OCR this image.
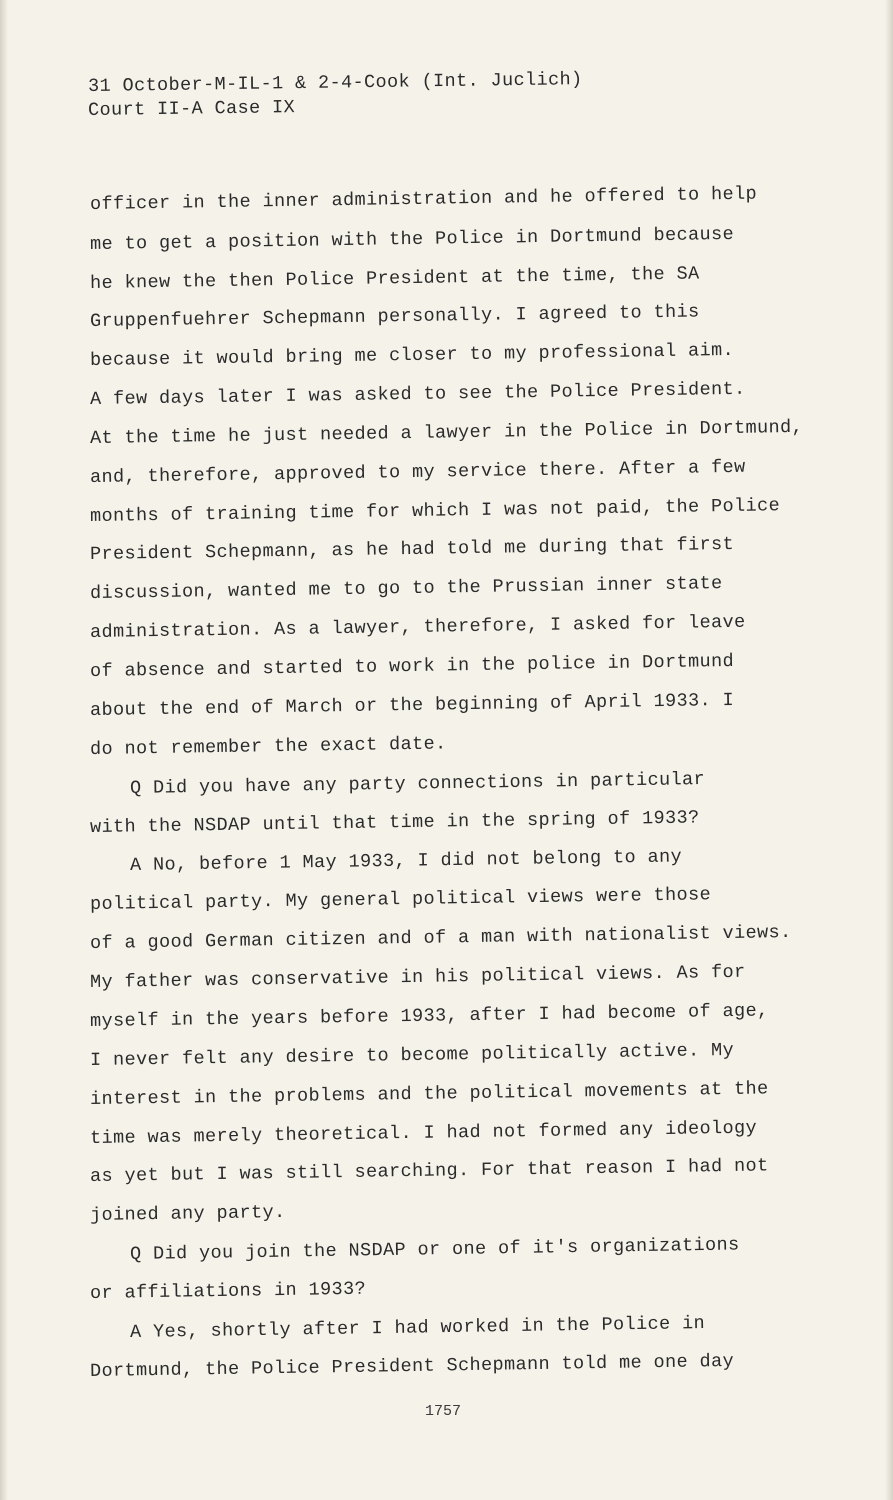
31 October-M-IL-1 & 2-4-Cook (Int. Juclich)

Court II-A Case IX

officer in the inner administration and he offered to help

me to get a position with the Police in Dortmund because

he knew the then Police President at the time, the SA

Gruppenfuehrer Schepmann personally. I agreed to this

because it would bring me closer to my professional aim.

A few days later I was asked to see the Police President.

At the time he just needed a lawyer in the Police in Dortmund,

and, therefore, approved to my service there. After a few

months of training time for which I was not paid, the Police

President Schepmann, as he had told me during that first

discussion, wanted me to go to the Prussian inner state

administration. As a lawyer, therefore, I asked for leave

of absence and started to work in the police in Dortmund

about the end of March or the beginning of April 1933. I

do not remember the exact date.

Q Did you have any party connections in particular

with the NSDAP until that time in the spring of 1933?

A No, before 1 May 1933, I did not belong to any

political party. My general political views were those

of a good German citizen and of a man with nationalist views.

My father was conservative in his political views. As for

myself in the years before 1933, after I had become of age,

I never felt any desire to become politically active. My

interest in the problems and the political movements at the

time was merely theoretical. I had not formed any ideology

as yet but I was still searching. For that reason I had not

joined any party.

Q Did you join the NSDAP or one of it's organizations

or affiliations in 1933?

A Yes, shortly after I had worked in the Police in

Dortmund, the Police President Schepmann told me one day

1757
